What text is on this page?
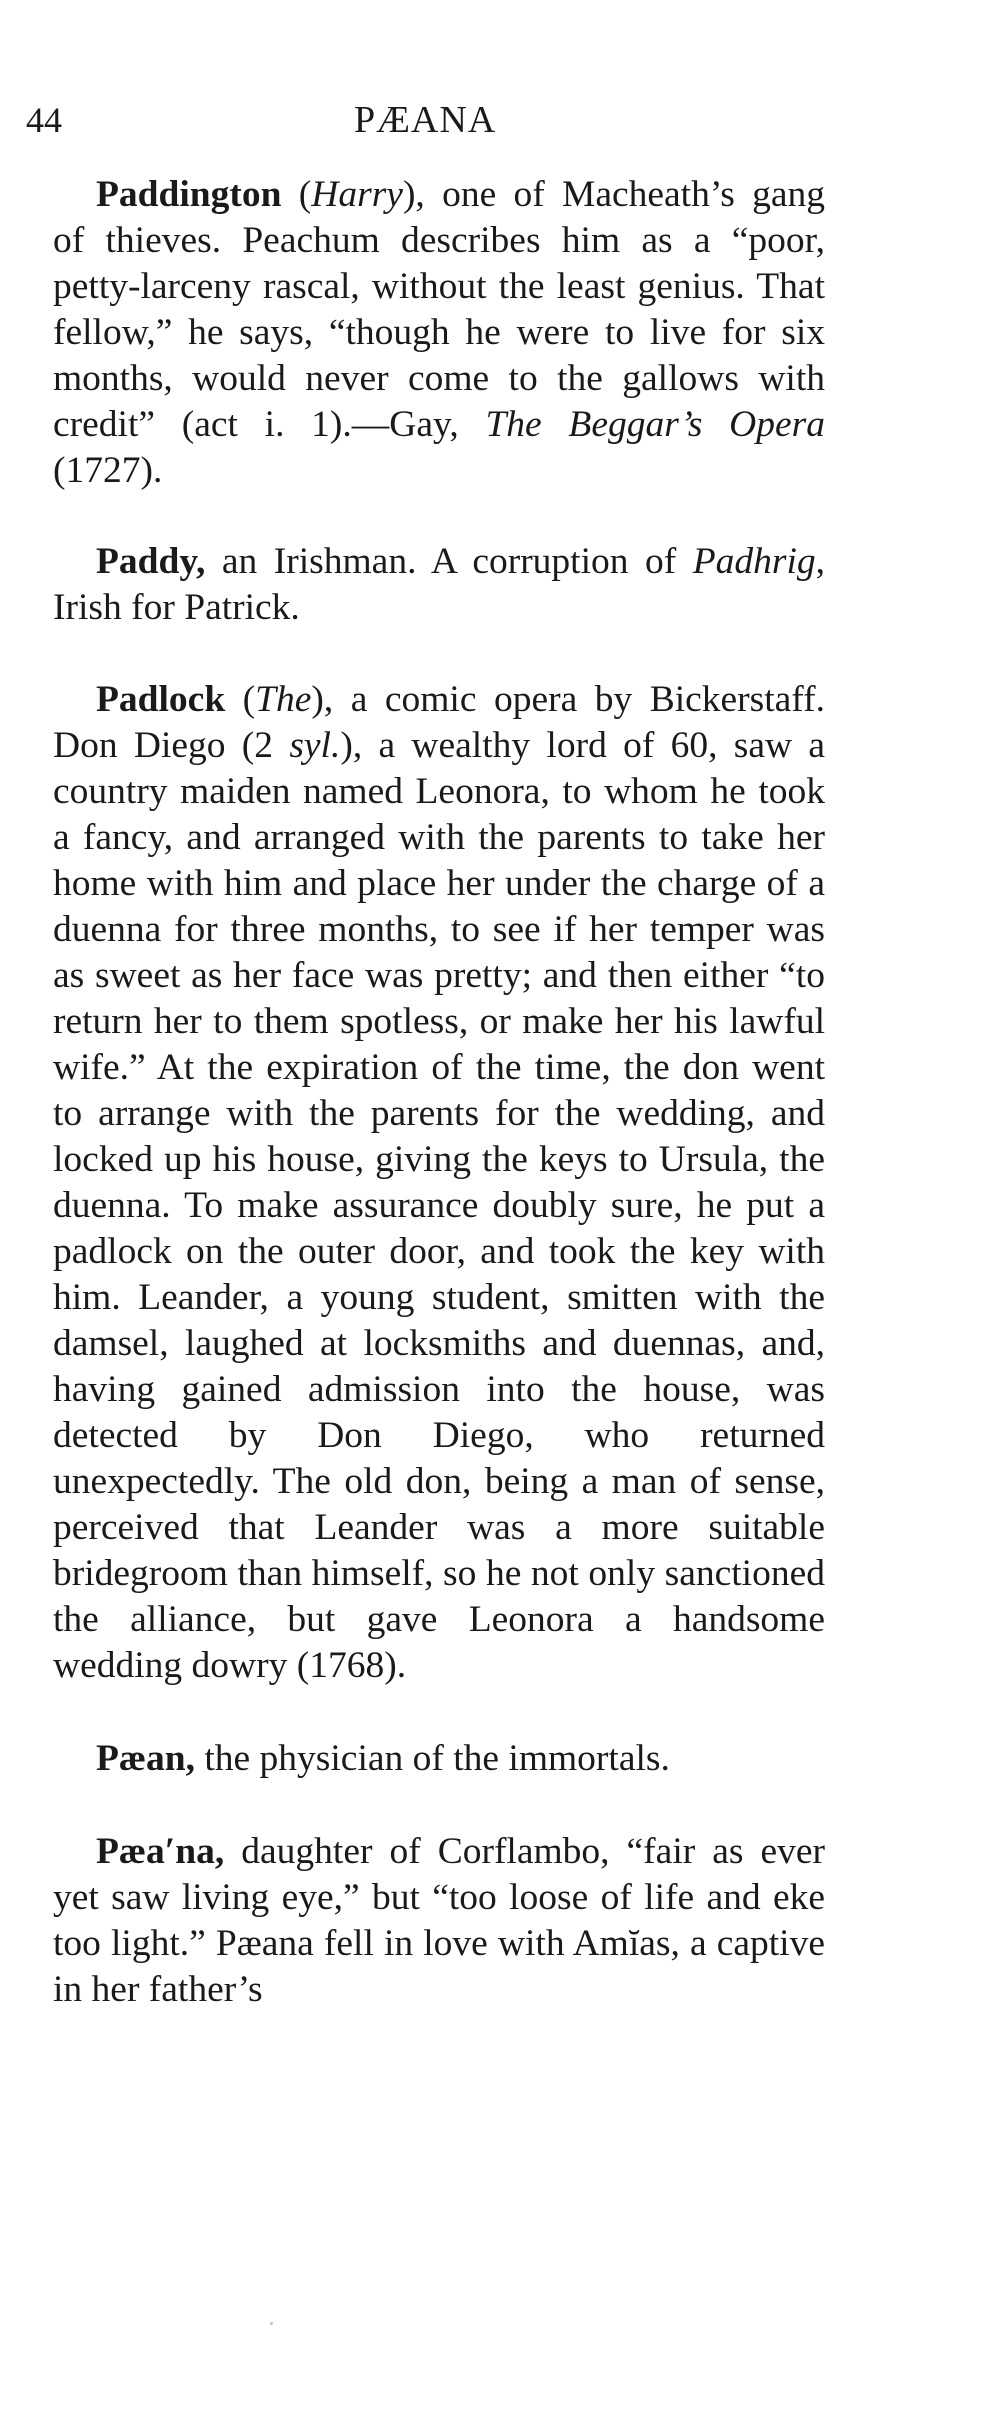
44	PÆANA

Paddington (Harry), one of Macheath’s gang of thieves. Peachum describes him as a “poor, petty-larceny rascal, without the least genius. That fellow,” he says, “though he were to live for six months, would never come to the gallows with credit” (act i. 1).—Gay, The Beggar’s Opera (1727).

Paddy, an Irishman. A corruption of Padhrig, Irish for Patrick.

Padlock (The), a comic opera by Bickerstaff. Don Diego (2 syl.), a wealthy lord of 60, saw a country maiden named Leonora, to whom he took a fancy, and arranged with the parents to take her home with him and place her under the charge of a duenna for three months, to see if her temper was as sweet as her face was pretty; and then either “to return her to them spotless, or make her his lawful wife.” At the expiration of the time, the don went to arrange with the parents for the wedding, and locked up his house, giving the keys to Ursula, the duenna. To make assurance doubly sure, he put a padlock on the outer door, and took the key with him. Leander, a young student, smitten with the damsel, laughed at locksmiths and duennas, and, having gained admission into the house, was detected by Don Diego, who returned unexpectedly. The old don, being a man of sense, perceived that Leander was a more suitable bridegroom than himself, so he not only sanctioned the alliance, but gave Leonora a handsome wedding dowry (1768).

Pæan, the physician of the immortals.

Pæa′na, daughter of Corflambo, “fair as ever yet saw living eye,” but “too loose of life and eke too light.” Pæana fell in love with Amĭas, a captive in her father’s
